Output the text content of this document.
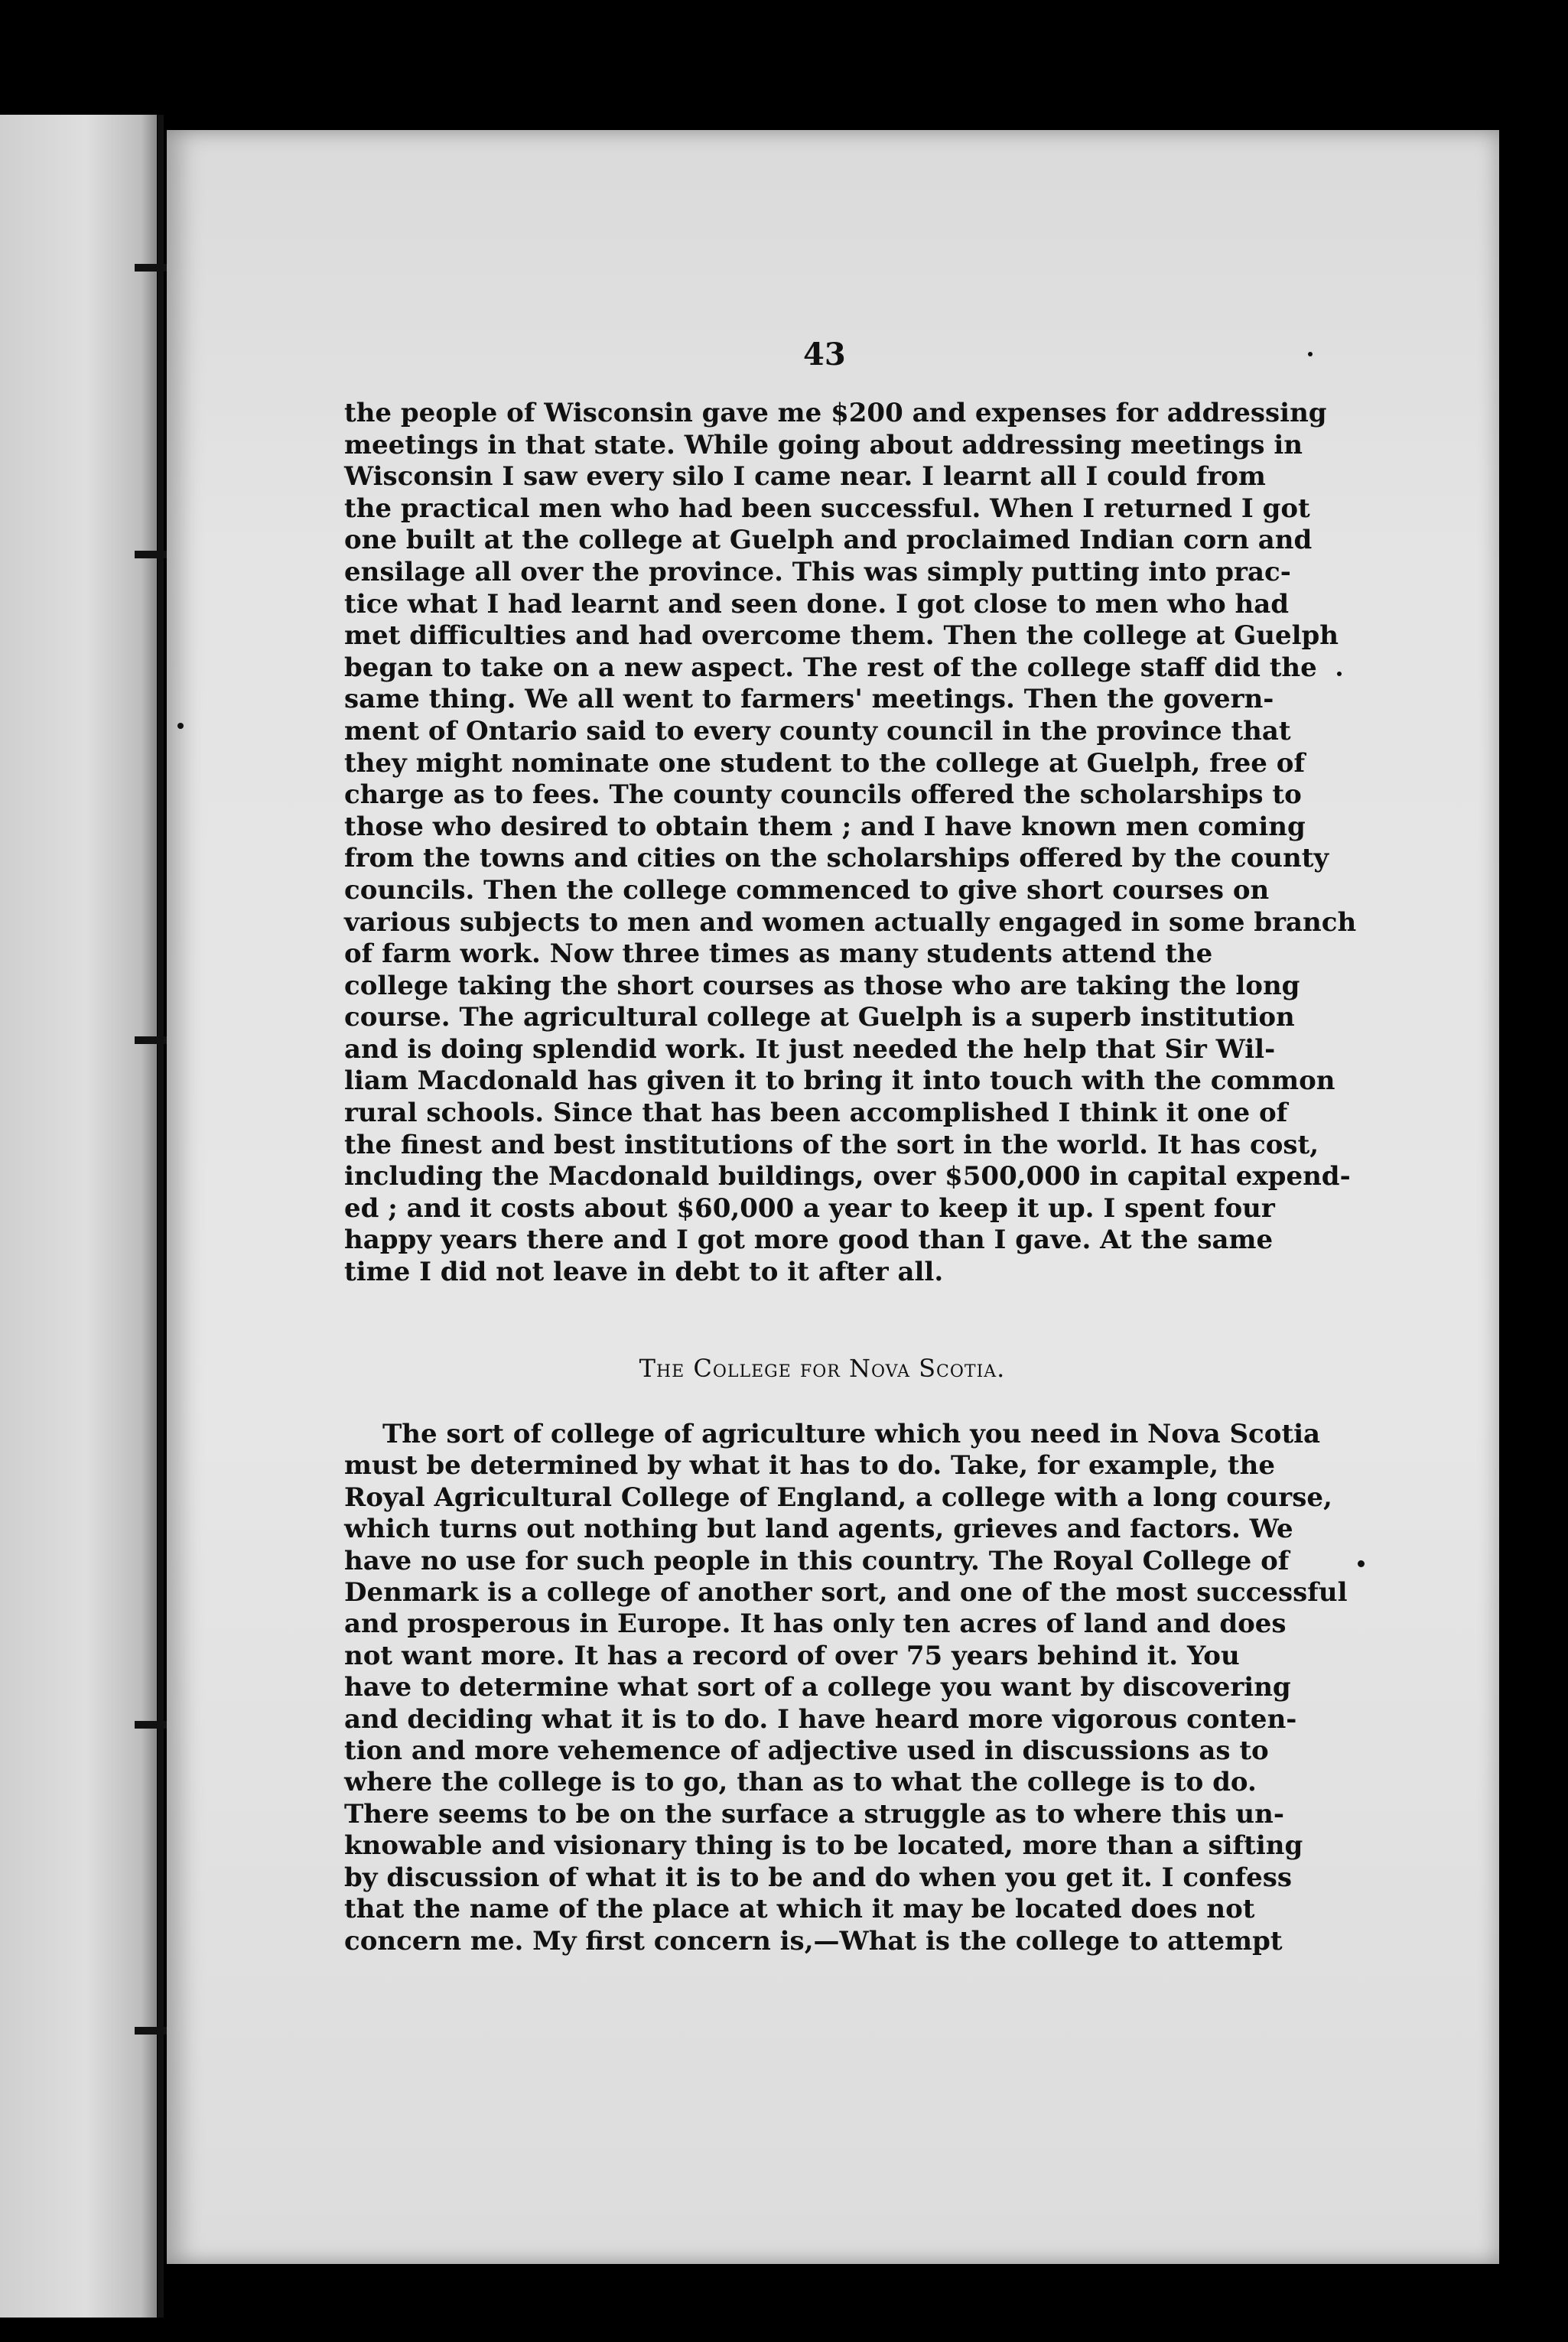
43
the people of Wisconsin gave me $200 and expenses for addressing
meetings in that state. While going about addressing meetings in
Wisconsin I saw every silo I came near. I learnt all I could from
the practical men who had been successful. When I returned I got
one built at the college at Guelph and proclaimed Indian corn and
ensilage all over the province. This was simply putting into prac-
tice what I had learnt and seen done. I got close to men who had
met difficulties and had overcome them. Then the college at Guelph
began to take on a new aspect. The rest of the college staff did the
same thing. We all went to farmers' meetings. Then the govern-
ment of Ontario said to every county council in the province that
they might nominate one student to the college at Guelph, free of
charge as to fees. The county councils offered the scholarships to
those who desired to obtain them ; and I have known men coming
from the towns and cities on the scholarships offered by the county
councils. Then the college commenced to give short courses on
various subjects to men and women actually engaged in some branch
of farm work. Now three times as many students attend the
college taking the short courses as those who are taking the long
course. The agricultural college at Guelph is a superb institution
and is doing splendid work. It just needed the help that Sir Wil-
liam Macdonald has given it to bring it into touch with the common
rural schools. Since that has been accomplished I think it one of
the finest and best institutions of the sort in the world. It has cost,
including the Macdonald buildings, over $500,000 in capital expend-
ed ; and it costs about $60,000 a year to keep it up. I spent four
happy years there and I got more good than I gave. At the same
time I did not leave in debt to it after all.
The College for Nova Scotia.
The sort of college of agriculture which you need in Nova Scotia
must be determined by what it has to do. Take, for example, the
Royal Agricultural College of England, a college with a long course,
which turns out nothing but land agents, grieves and factors. We
have no use for such people in this country. The Royal College of
Denmark is a college of another sort, and one of the most successful
and prosperous in Europe. It has only ten acres of land and does
not want more. It has a record of over 75 years behind it. You
have to determine what sort of a college you want by discovering
and deciding what it is to do. I have heard more vigorous conten-
tion and more vehemence of adjective used in discussions as to
where the college is to go, than as to what the college is to do.
There seems to be on the surface a struggle as to where this un-
knowable and visionary thing is to be located, more than a sifting
by discussion of what it is to be and do when you get it. I confess
that the name of the place at which it may be located does not
concern me. My first concern is,—What is the college to attempt
